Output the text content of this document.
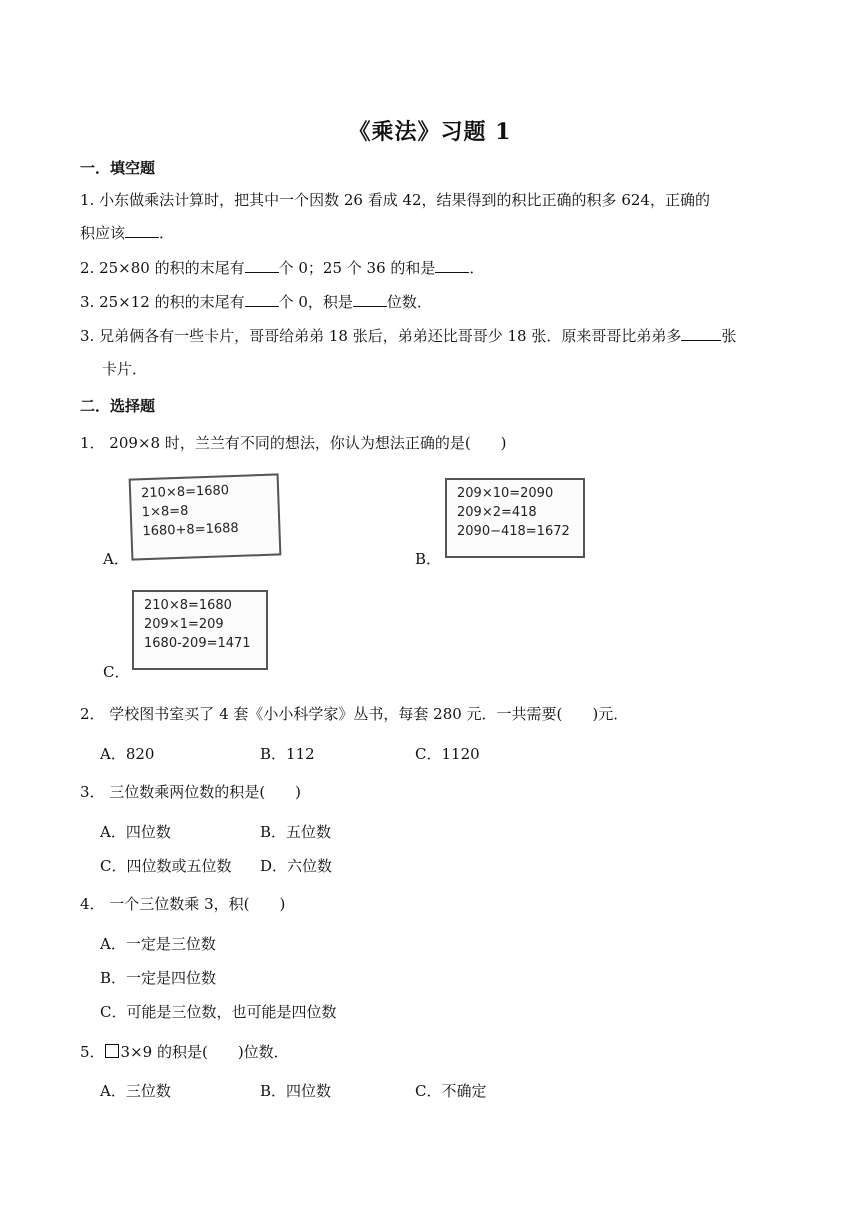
《乘法》习题 1
一．填空题
1. 小东做乘法计算时，把其中一个因数 26 看成 42，结果得到的积比正确的积多 624，正确的
积应该 ．
2. 25×80 的积的末尾有 个 0；25 个 36 的和是 ．
3. 25×12 的积的末尾有 个 0，积是 位数．
3. 兄弟俩各有一些卡片，哥哥给弟弟 18 张后，弟弟还比哥哥少 18 张．原来哥哥比弟弟多	张
卡片．
二．选择题
1． 209×8 时，兰兰有不同的想法，你认为想法正确的是(　　)
A．
210×8=1680
1×8=8
1680+8=1688
B．
209×10=2090
209×2=418
2090−418=1672
C．
210×8=1680
209×1=209
1680-209=1471
2． 学校图书室买了 4 套《小小科学家》丛书，每套 280 元．一共需要(　　)元．
A．820	B．112	C．1120
3． 三位数乘两位数的积是(　　)
A．四位数	B．五位数
C．四位数或五位数 D．六位数
4． 一个三位数乘 3，积(　　)
A．一定是三位数
B．一定是四位数
C．可能是三位数，也可能是四位数
5． 3×9 的积是(　　)位数．
A．三位数	B．四位数	C．不确定
